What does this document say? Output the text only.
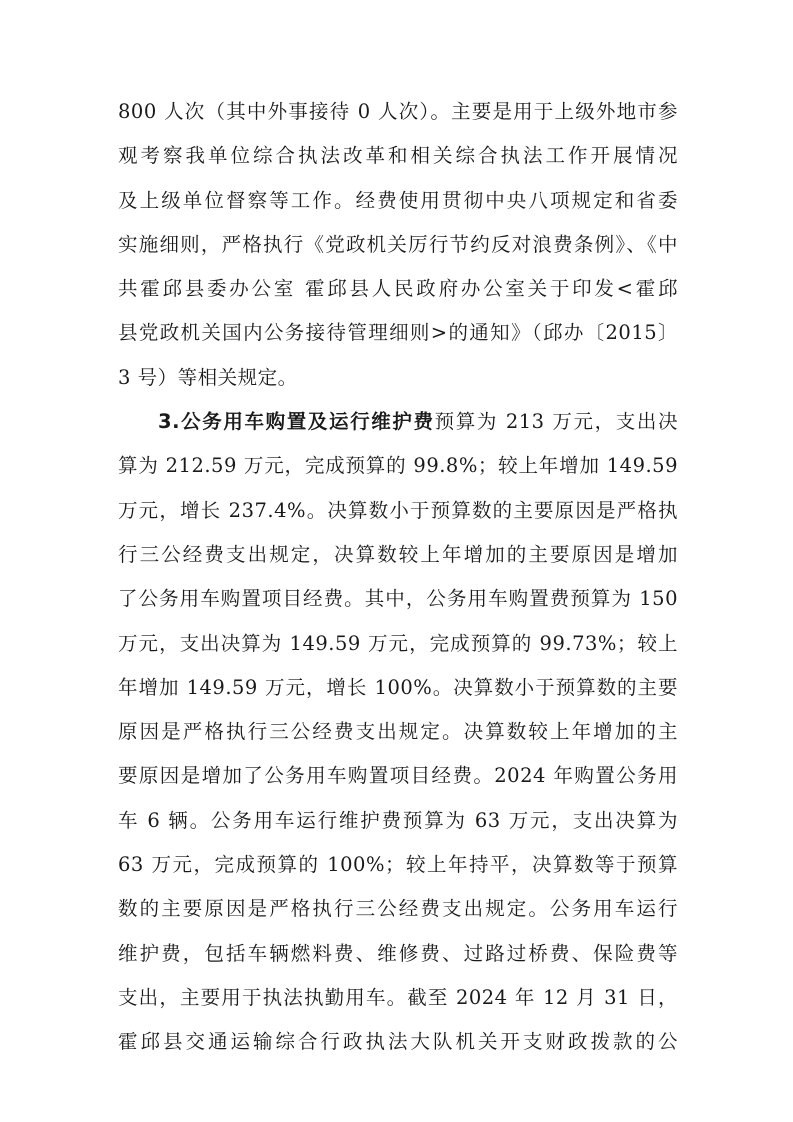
800 人次（其中外事接待 0 人次）。主要是用于上级外地市参
观考察我单位综合执法改革和相关综合执法工作开展情况
及上级单位督察等工作。经费使用贯彻中央八项规定和省委
实施细则，严格执行《党政机关厉行节约反对浪费条例》、《中
共霍邱县委办公室 霍邱县人民政府办公室关于印发<霍邱
县党政机关国内公务接待管理细则>的通知》（邱办〔2015〕
3 号）等相关规定。
3.公务用车购置及运行维护费预算为 213 万元，支出决
算为 212.59 万元，完成预算的 99.8%；较上年增加 149.59
万元，增长 237.4%。决算数小于预算数的主要原因是严格执
行三公经费支出规定，决算数较上年增加的主要原因是增加
了公务用车购置项目经费。其中，公务用车购置费预算为 150
万元，支出决算为 149.59 万元，完成预算的 99.73%；较上
年增加 149.59 万元，增长 100%。决算数小于预算数的主要
原因是严格执行三公经费支出规定。决算数较上年增加的主
要原因是增加了公务用车购置项目经费。2024 年购置公务用
车 6 辆。公务用车运行维护费预算为 63 万元，支出决算为
63 万元，完成预算的 100%；较上年持平，决算数等于预算
数的主要原因是严格执行三公经费支出规定。公务用车运行
维护费，包括车辆燃料费、维修费、过路过桥费、保险费等
支出，主要用于执法执勤用车。截至 2024 年 12 月 31 日，
霍邱县交通运输综合行政执法大队机关开支财政拨款的公
